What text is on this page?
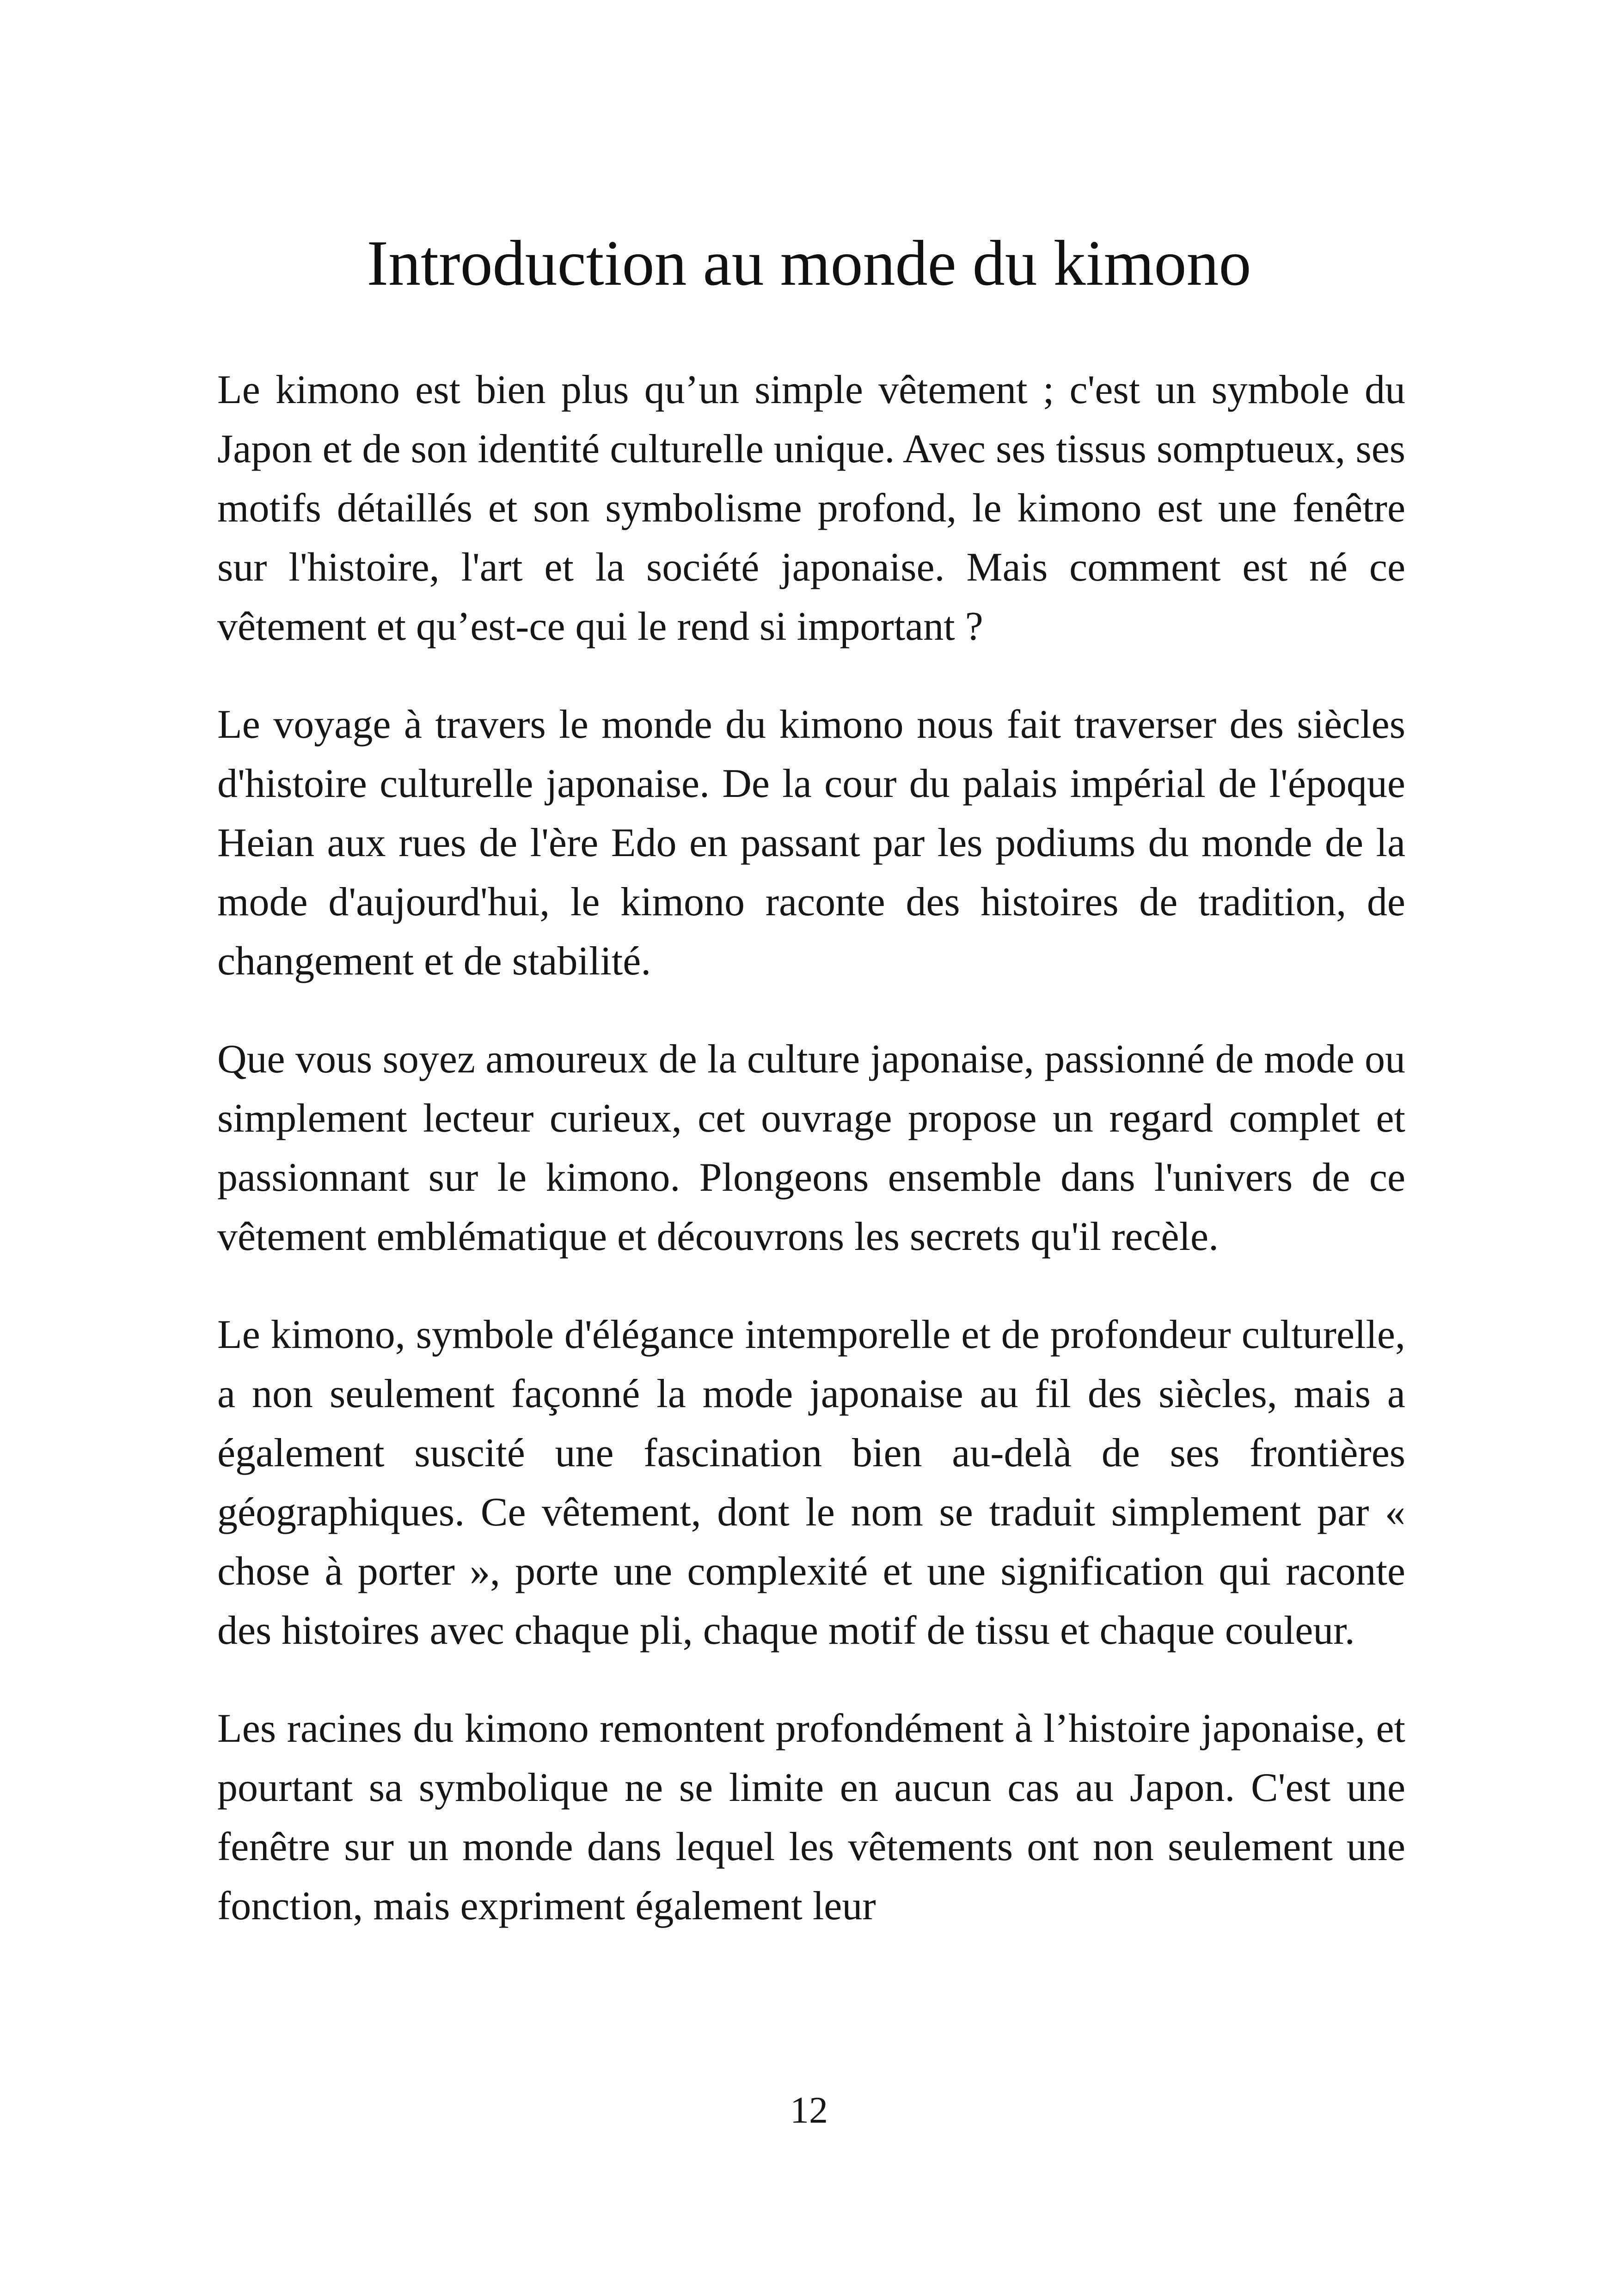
Introduction au monde du kimono

Le kimono est bien plus qu’un simple vêtement ; c'est un symbole du Japon et de son identité culturelle unique. Avec ses tissus somptueux, ses motifs détaillés et son symbolisme profond, le kimono est une fenêtre sur l'histoire, l'art et la société japonaise. Mais comment est né ce vêtement et qu’est-ce qui le rend si important ?

Le voyage à travers le monde du kimono nous fait traverser des siècles d'histoire culturelle japonaise. De la cour du palais impérial de l'époque Heian aux rues de l'ère Edo en passant par les podiums du monde de la mode d'aujourd'hui, le kimono raconte des histoires de tradition, de changement et de stabilité.

Que vous soyez amoureux de la culture japonaise, passionné de mode ou simplement lecteur curieux, cet ouvrage propose un regard complet et passionnant sur le kimono. Plongeons ensemble dans l'univers de ce vêtement emblématique et découvrons les secrets qu'il recèle.

Le kimono, symbole d'élégance intemporelle et de profondeur culturelle, a non seulement façonné la mode japonaise au fil des siècles, mais a également suscité une fascination bien au-delà de ses frontières géographiques. Ce vêtement, dont le nom se traduit simplement par « chose à porter », porte une complexité et une signification qui raconte des histoires avec chaque pli, chaque motif de tissu et chaque couleur.

Les racines du kimono remontent profondément à l’histoire japonaise, et pourtant sa symbolique ne se limite en aucun cas au Japon. C'est une fenêtre sur un monde dans lequel les vêtements ont non seulement une fonction, mais expriment également leur

12
